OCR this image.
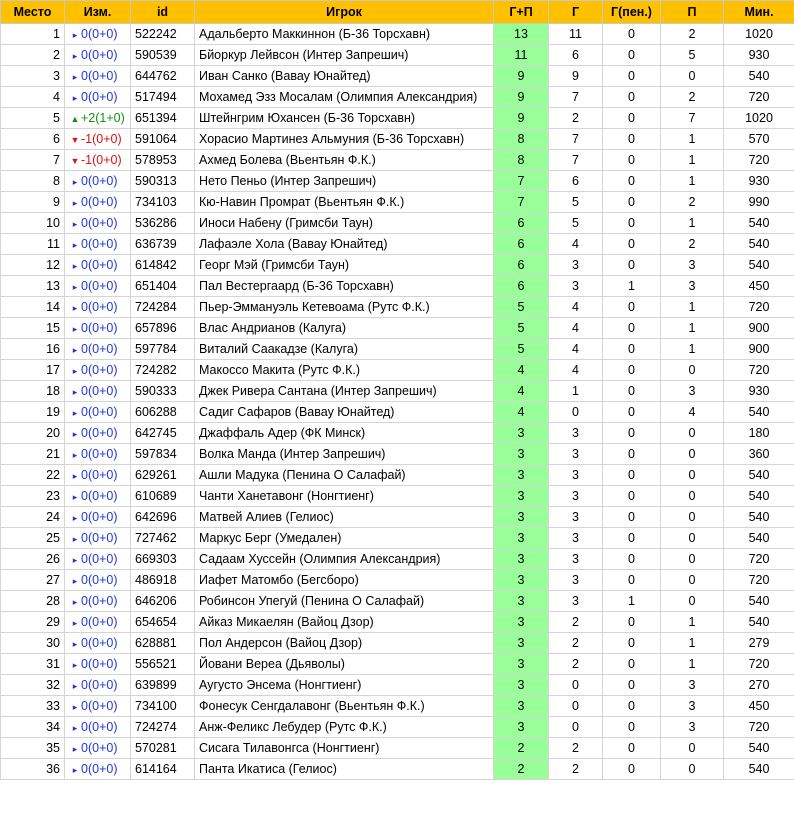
Место	Изм.	id	Игрок	Г+П	Г	Г(пен.)	П	Мин.
1	▸ 0(0+0)	522242	Адальберто Маккиннон (Б-36 Торсхавн)	13	11	0	2	1020
2	▸ 0(0+0)	590539	Бйоркур Лейвсон (Интер Запрешич)	11	6	0	5	930
3	▸ 0(0+0)	644762	Иван Санко (Вавау Юнайтед)	9	9	0	0	540
4	▸ 0(0+0)	517494	Мохамед Эзз Мосалам (Олимпия Александрия)	9	7	0	2	720
5	▲ +2(1+0)	651394	Штейнгрим Юхансен (Б-36 Торсхавн)	9	2	0	7	1020
6	▼ -1(0+0)	591064	Хорасио Мартинез Альмуния (Б-36 Торсхавн)	8	7	0	1	570
7	▼ -1(0+0)	578953	Ахмед Болева (Вьентьян Ф.К.)	8	7	0	1	720
8	▸ 0(0+0)	590313	Нето Пеньо (Интер Запрешич)	7	6	0	1	930
9	▸ 0(0+0)	734103	Кю-Навин Промрат (Вьентьян Ф.К.)	7	5	0	2	990
10	▸ 0(0+0)	536286	Иноси Набену (Гримсби Таун)	6	5	0	1	540
11	▸ 0(0+0)	636739	Лафаэле Хола (Вавау Юнайтед)	6	4	0	2	540
12	▸ 0(0+0)	614842	Георг Мэй (Гримсби Таун)	6	3	0	3	540
13	▸ 0(0+0)	651404	Пал Вестергаард (Б-36 Торсхавн)	6	3	1	3	450
14	▸ 0(0+0)	724284	Пьер-Эммануэль Кетевоама (Рутс Ф.К.)	5	4	0	1	720
15	▸ 0(0+0)	657896	Влас Андрианов (Калуга)	5	4	0	1	900
16	▸ 0(0+0)	597784	Виталий Саакадзе (Калуга)	5	4	0	1	900
17	▸ 0(0+0)	724282	Макоссо Макита (Рутс Ф.К.)	4	4	0	0	720
18	▸ 0(0+0)	590333	Джек Ривера Сантана (Интер Запрешич)	4	1	0	3	930
19	▸ 0(0+0)	606288	Садиг Сафаров (Вавау Юнайтед)	4	0	0	4	540
20	▸ 0(0+0)	642745	Джаффаль Адер (ФК Минск)	3	3	0	0	180
21	▸ 0(0+0)	597834	Волка Манда (Интер Запрешич)	3	3	0	0	360
22	▸ 0(0+0)	629261	Ашли Мадука (Пенина О Салафай)	3	3	0	0	540
23	▸ 0(0+0)	610689	Чанти Ханетавонг (Нонгтиенг)	3	3	0	0	540
24	▸ 0(0+0)	642696	Матвей Алиев (Гелиос)	3	3	0	0	540
25	▸ 0(0+0)	727462	Маркус Берг (Умедален)	3	3	0	0	540
26	▸ 0(0+0)	669303	Садаам Хуссейн (Олимпия Александрия)	3	3	0	0	720
27	▸ 0(0+0)	486918	Иафет Матомбо (Бегсборо)	3	3	0	0	720
28	▸ 0(0+0)	646206	Робинсон Упегуй (Пенина О Салафай)	3	3	1	0	540
29	▸ 0(0+0)	654654	Айказ Микаелян (Вайоц Дзор)	3	2	0	1	540
30	▸ 0(0+0)	628881	Пол Андерсон (Вайоц Дзор)	3	2	0	1	279
31	▸ 0(0+0)	556521	Йовани Вереа (Дьяволы)	3	2	0	1	720
32	▸ 0(0+0)	639899	Аугусто Энсема (Нонгтиенг)	3	0	0	3	270
33	▸ 0(0+0)	734100	Фонесук Сенгдалавонг (Вьентьян Ф.К.)	3	0	0	3	450
34	▸ 0(0+0)	724274	Анж-Феликс Лебудер (Рутс Ф.К.)	3	0	0	3	720
35	▸ 0(0+0)	570281	Сисага Тилавонгса (Нонгтиенг)	2	2	0	0	540
36	▸ 0(0+0)	614164	Панта Икатиса (Гелиос)	2	2	0	0	540
